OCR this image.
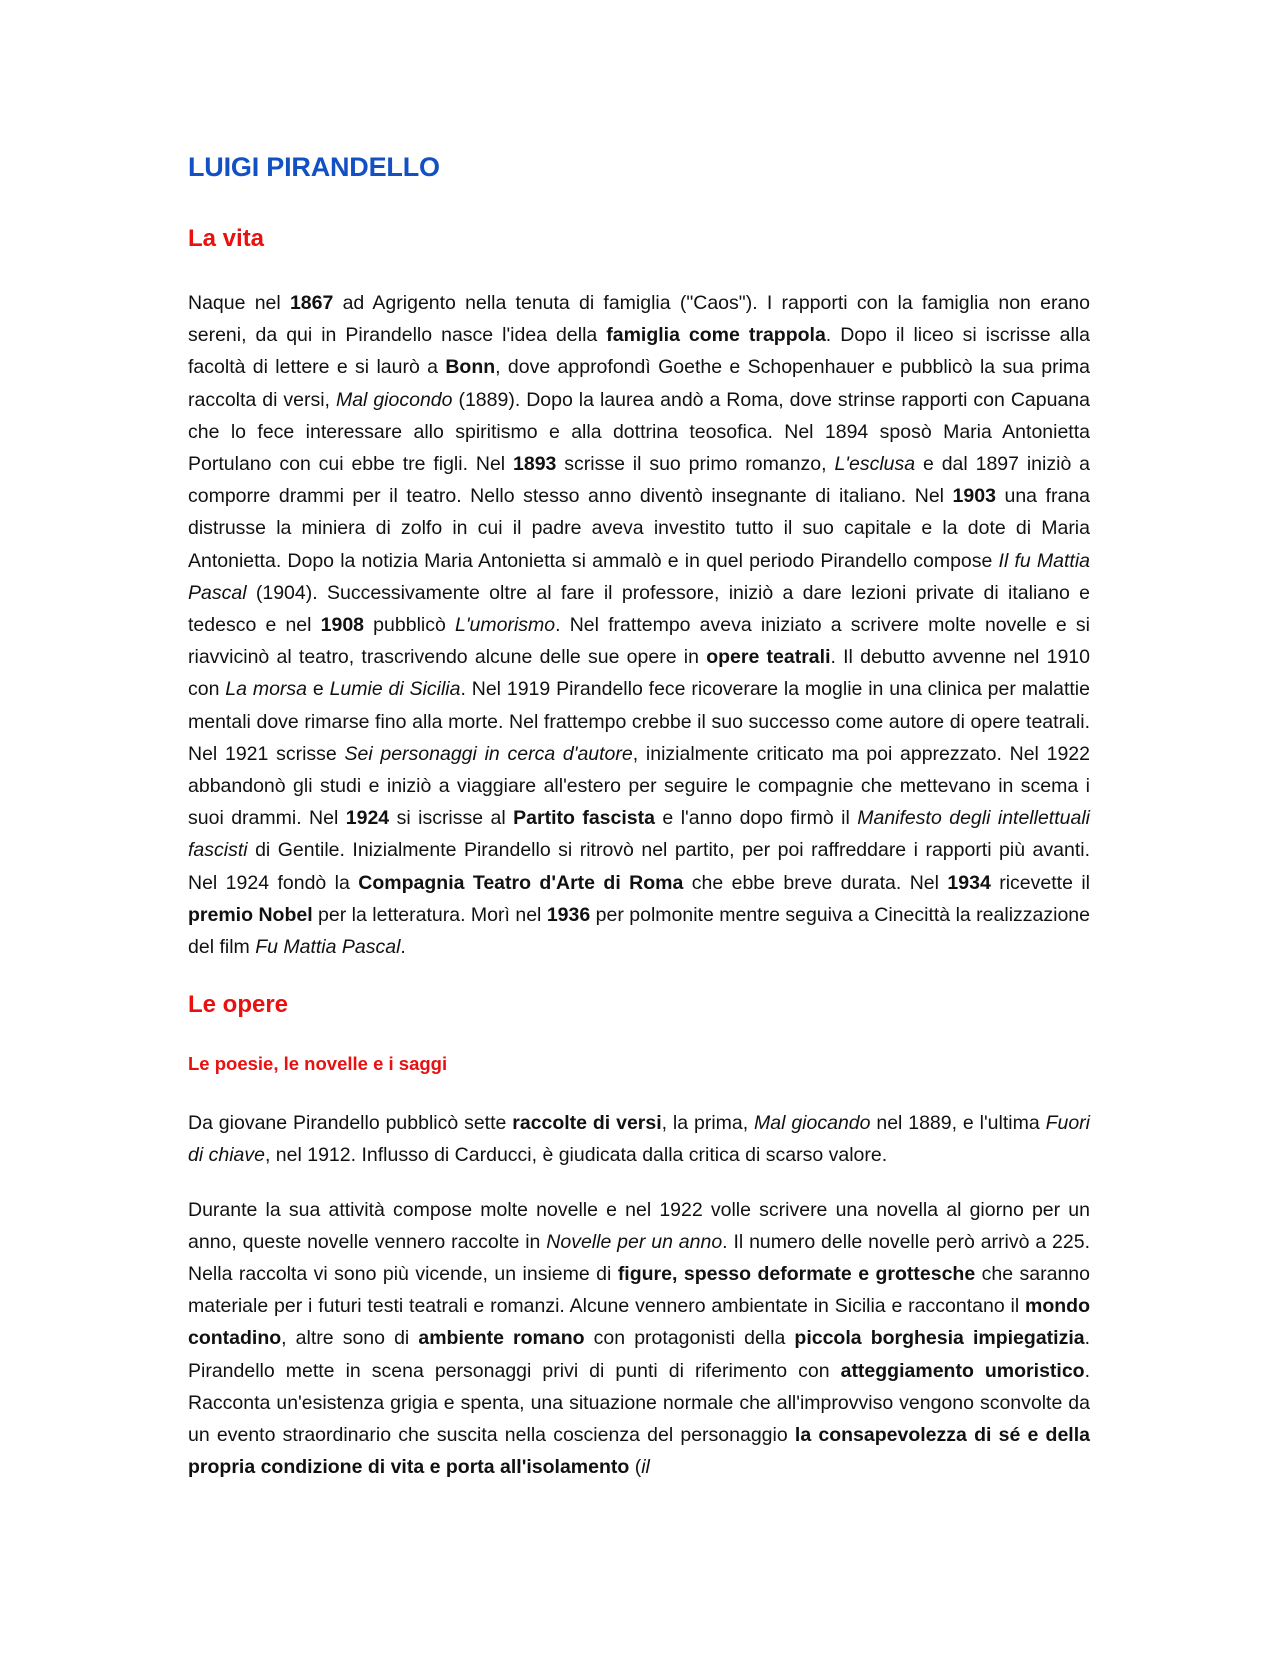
LUIGI PIRANDELLO
La vita

Naque nel 1867 ad Agrigento nella tenuta di famiglia ("Caos"). I rapporti con la famiglia non erano sereni, da qui in Pirandello nasce l'idea della famiglia come trappola. Dopo il liceo si iscrisse alla facoltà di lettere e si laurò a Bonn, dove approfondì Goethe e Schopenhauer e pubblicò la sua prima raccolta di versi, Mal giocondo (1889). Dopo la laurea andò a Roma, dove strinse rapporti con Capuana che lo fece interessare allo spiritismo e alla dottrina teosofica. Nel 1894 sposò Maria Antonietta Portulano con cui ebbe tre figli. Nel 1893 scrisse il suo primo romanzo, L'esclusa e dal 1897 iniziò a comporre drammi per il teatro. Nello stesso anno diventò insegnante di italiano. Nel 1903 una frana distrusse la miniera di zolfo in cui il padre aveva investito tutto il suo capitale e la dote di Maria Antonietta. Dopo la notizia Maria Antonietta si ammalò e in quel periodo Pirandello compose Il fu Mattia Pascal (1904). Successivamente oltre al fare il professore, iniziò a dare lezioni private di italiano e tedesco e nel 1908 pubblicò L'umorismo. Nel frattempo aveva iniziato a scrivere molte novelle e si riavvicinò al teatro, trascrivendo alcune delle sue opere in opere teatrali. Il debutto avvenne nel 1910 con La morsa e Lumie di Sicilia. Nel 1919 Pirandello fece ricoverare la moglie in una clinica per malattie mentali dove rimarse fino alla morte. Nel frattempo crebbe il suo successo come autore di opere teatrali. Nel 1921 scrisse Sei personaggi in cerca d'autore, inizialmente criticato ma poi apprezzato. Nel 1922 abbandonò gli studi e iniziò a viaggiare all'estero per seguire le compagnie che mettevano in scema i suoi drammi. Nel 1924 si iscrisse al Partito fascista e l'anno dopo firmò il Manifesto degli intellettuali fascisti di Gentile. Inizialmente Pirandello si ritrovò nel partito, per poi raffreddare i rapporti più avanti. Nel 1924 fondò la Compagnia Teatro d'Arte di Roma che ebbe breve durata. Nel 1934 ricevette il premio Nobel per la letteratura. Morì nel 1936 per polmonite mentre seguiva a Cinecittà la realizzazione del film Fu Mattia Pascal.

Le opere
Le poesie, le novelle e i saggi

Da giovane Pirandello pubblicò sette raccolte di versi, la prima, Mal giocando nel 1889, e l'ultima Fuori di chiave, nel 1912. Influsso di Carducci, è giudicata dalla critica di scarso valore.

Durante la sua attività compose molte novelle e nel 1922 volle scrivere una novella al giorno per un anno, queste novelle vennero raccolte in Novelle per un anno. Il numero delle novelle però arrivò a 225. Nella raccolta vi sono più vicende, un insieme di figure, spesso deformate e grottesche che saranno materiale per i futuri testi teatrali e romanzi. Alcune vennero ambientate in Sicilia e raccontano il mondo contadino, altre sono di ambiente romano con protagonisti della piccola borghesia impiegatizia. Pirandello mette in scena personaggi privi di punti di riferimento con atteggiamento umoristico. Racconta un'esistenza grigia e spenta, una situazione normale che all'improvviso vengono sconvolte da un evento straordinario che suscita nella coscienza del personaggio la consapevolezza di sé e della propria condizione di vita e porta all'isolamento (il
